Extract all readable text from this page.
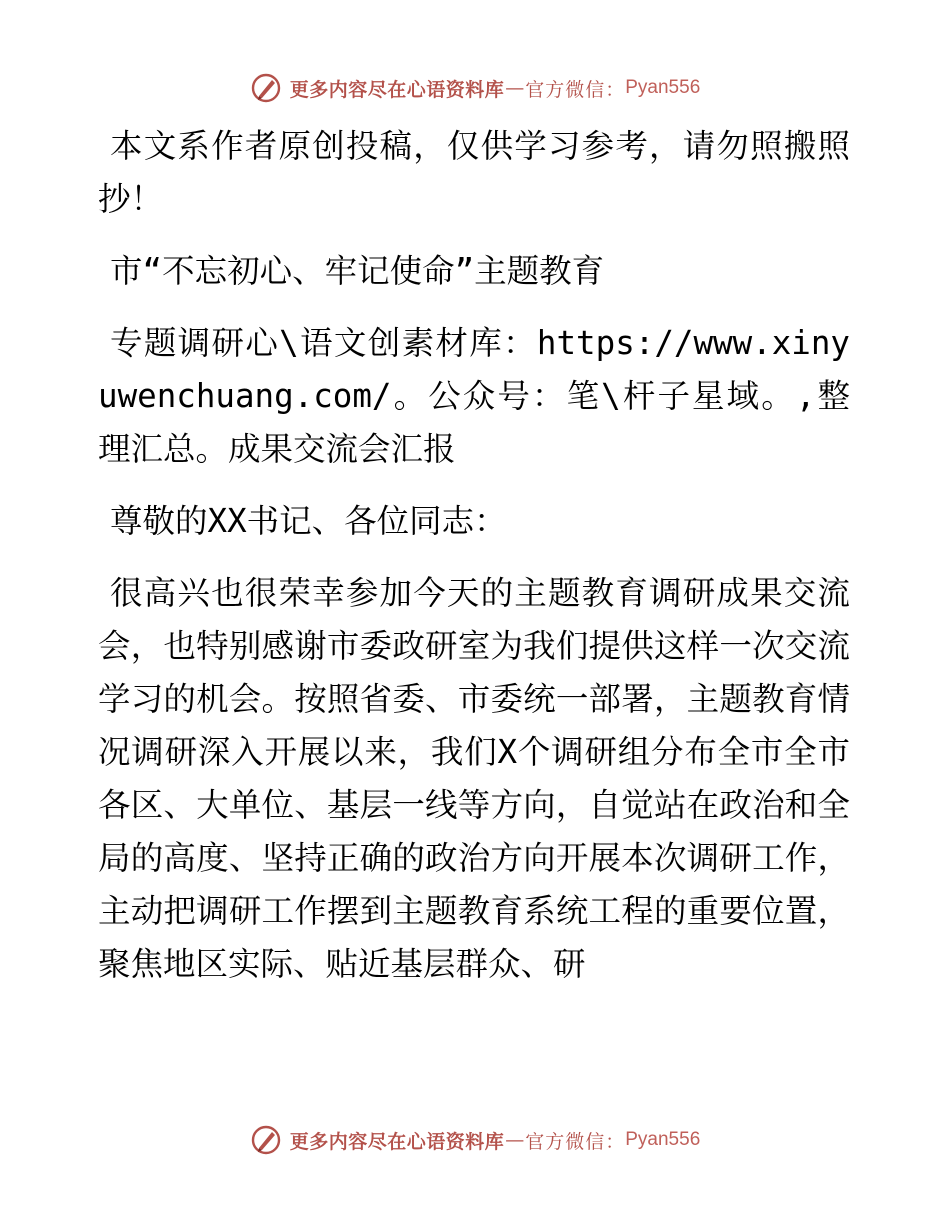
更多内容尽在心语资料库 — 官方微信： Pyan556

本文系作者原创投稿，仅供学习参考，请勿照搬照抄！

市“不忘初心、牢记使命”主题教育

专题调研心\语文创素材库：https://www.xinyuwenchuang.com/。公众号：笔\杆子星域。,整理汇总。成果交流会汇报

尊敬的XX书记、各位同志：

很高兴也很荣幸参加今天的主题教育调研成果交流会，也特别感谢市委政研室为我们提供这样一次交流学习的机会。按照省委、市委统一部署，主题教育情况调研深入开展以来，我们X个调研组分布全市全市各区、大单位、基层一线等方向，自觉站在政治和全局的高度、坚持正确的政治方向开展本次调研工作，主动把调研工作摆到主题教育系统工程的重要位置，聚焦地区实际、贴近基层群众、研

更多内容尽在心语资料库 — 官方微信： Pyan556
